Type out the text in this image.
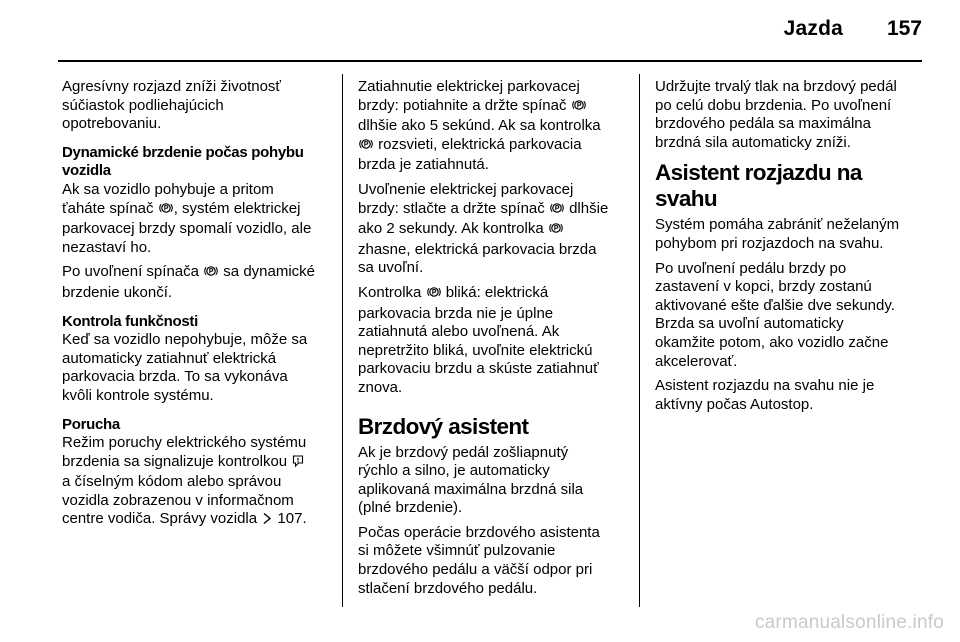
Jazda 157

Agresívny rozjazd zníži životnosť
súčiastok podliehajúcich
opotrebovaniu.

Dynamické brzdenie počas pohybu
vozidla

Ak sa vozidlo pohybuje a pritom
ťaháte spínač , systém elektrickej
parkovacej brzdy spomalí vozidlo, ale
nezastaví ho.

Po uvoľnení spínača  sa dynamické
brzdenie ukončí.

Kontrola funkčnosti

Keď sa vozidlo nepohybuje, môže sa
automaticky zatiahnuť elektrická
parkovacia brzda. To sa vykonáva
kvôli kontrole systému.

Porucha

Režim poruchy elektrického systému
brzdenia sa signalizuje kontrolkou
a číselným kódom alebo správou
vozidla zobrazenou v informačnom
centre vodiča. Správy vozidla  107.

Zatiahnutie elektrickej parkovacej
brzdy: potiahnite a držte spínač
dlhšie ako 5 sekúnd. Ak sa kontrolka
rozsvieti, elektrická parkovacia
brzda je zatiahnutá.

Uvoľnenie elektrickej parkovacej
brzdy: stlačte a držte spínač  dlhšie
ako 2 sekundy. Ak kontrolka
zhasne, elektrická parkovacia brzda
sa uvoľní.

Kontrolka  bliká: elektrická
parkovacia brzda nie je úplne
zatiahnutá alebo uvoľnená. Ak
nepretržito bliká, uvoľnite elektrickú
parkovaciu brzdu a skúste zatiahnuť
znova.

Brzdový asistent

Ak je brzdový pedál zošliapnutý
rýchlo a silno, je automaticky
aplikovaná maximálna brzdná sila
(plné brzdenie).

Počas operácie brzdového asistenta
si môžete všimnúť pulzovanie
brzdového pedálu a väčší odpor pri
stlačení brzdového pedálu.

Udržujte trvalý tlak na brzdový pedál
po celú dobu brzdenia. Po uvoľnení
brzdového pedála sa maximálna
brzdná sila automaticky zníži.

Asistent rozjazdu na svahu

Systém pomáha zabrániť neželaným
pohybom pri rozjazdoch na svahu.

Po uvoľnení pedálu brzdy po
zastavení v kopci, brzdy zostanú
aktivované ešte ďalšie dve sekundy.
Brzda sa uvoľní automaticky
okamžite potom, ako vozidlo začne
akcelerovať.

Asistent rozjazdu na svahu nie je
aktívny počas Autostop.

carmanualsonline.info
